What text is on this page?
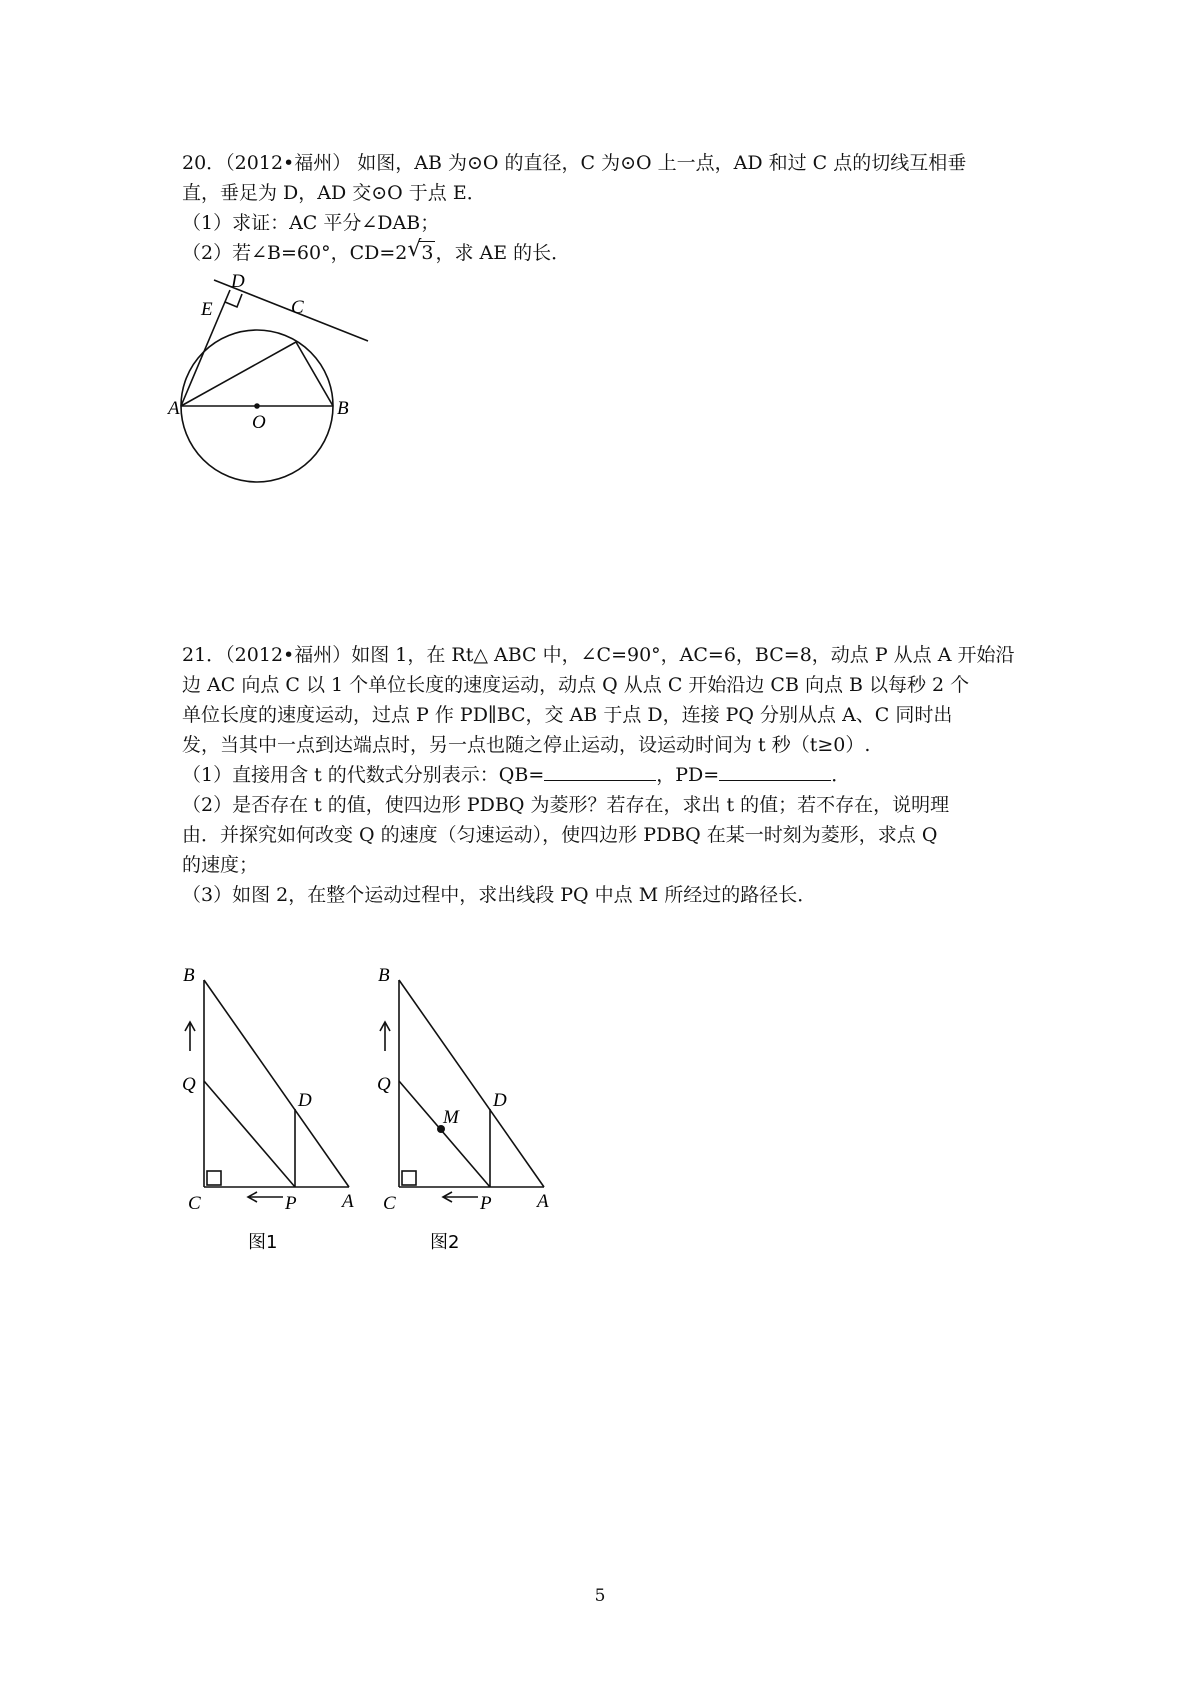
20．（2012•福州） 如图，AB 为⊙O 的直径，C 为⊙O 上一点，AD 和过 C 点的切线互相垂
直，垂足为 D，AD 交⊙O 于点 E．
（1）求证：AC 平分∠DAB；
（2）若∠B=60°，CD=2√ 3 ，求 AE 的长．
D
E	C
A	B
O
21．（2012•福州）如图 1，在 Rt△ ABC 中，∠C=90°，AC=6，BC=8，动点 P 从点 A 开始沿
边 AC 向点 C 以 1 个单位长度的速度运动，动点 Q 从点 C 开始沿边 CB 向点 B 以每秒 2 个
单位长度的速度运动，过点 P 作 PD∥BC，交 AB 于点 D，连接 PQ 分别从点 A、C 同时出
发，当其中一点到达端点时，另一点也随之停止运动，设运动时间为 t 秒（t≥0）.
（1）直接用含 t 的代数式分别表示：QB=	，PD=	．
（2）是否存在 t 的值，使四边形 PDBQ 为菱形？若存在，求出 t 的值；若不存在，说明理
由．并探究如何改变 Q 的速度（匀速运动），使四边形 PDBQ 在某一时刻为菱形，求点 Q
的速度；
（3）如图 2，在整个运动过程中，求出线段 PQ 中点 M 所经过的路径长．
B
Q
D
C	P A
图1
B
Q
M
D
C	P A
图2
5
